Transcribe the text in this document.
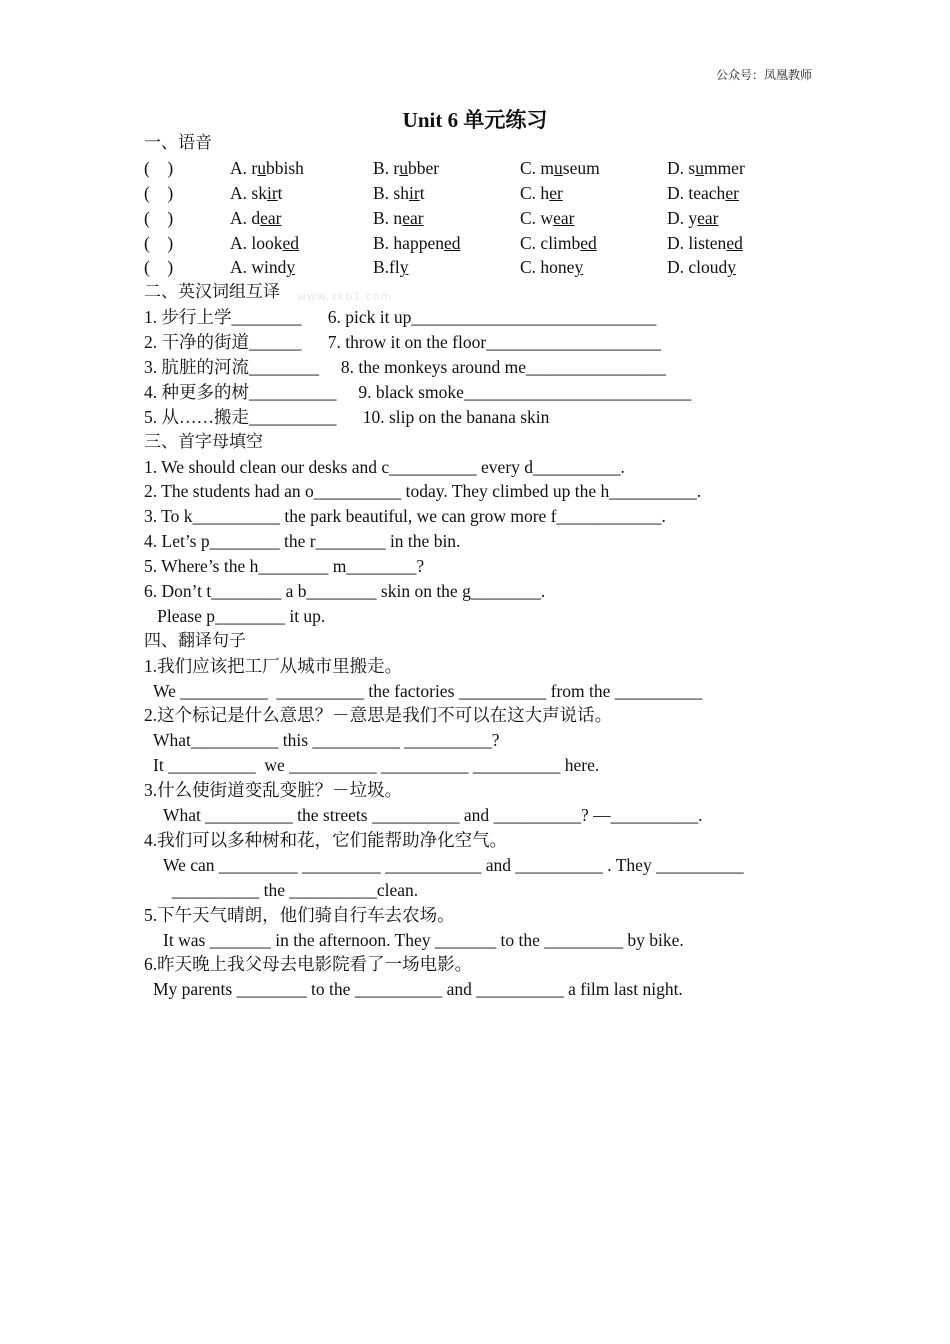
公众号：凤凰教师
Unit 6 单元练习
www.xkb1.com
一、语音
(    )	A. rubbish	B. rubber	C. museum	D. summer
(    )	A. skirt	B. shirt	C. her	D. teacher
(    )	A. dear	B. near	C. wear	D. year
(    )	A. looked	B. happened	C. climbed	D. listened
(    )	A. windy	B.fly	C. honey	D. cloudy
二、英汉词组互译
1. 步行上学________      6. pick it up____________________________
2. 干净的街道______      7. throw it on the floor____________________
3. 肮脏的河流________     8. the monkeys around me________________
4. 种更多的树__________     9. black smoke__________________________
5. 从……搬走__________      10. slip on the banana skin
三、首字母填空
1. We should clean our desks and c__________ every d__________.
2. The students had an o__________ today. They climbed up the h__________.
3. To k__________ the park beautiful, we can grow more f____________.
4. Let’s p________ the r________ in the bin.
5. Where’s the h________ m________?
6. Don’t t________ a b________ skin on the g________.
Please p________ it up.
四、翻译句子
1.我们应该把工厂从城市里搬走。
We __________  __________ the factories __________ from the __________
2.这个标记是什么意思？－意思是我们不可以在这大声说话。
What__________ this __________ __________?
It __________  we __________ __________ __________ here.
3.什么使街道变乱变脏？－垃圾。
What __________ the streets __________ and __________? —__________.
4.我们可以多种树和花，它们能帮助净化空气。
We can _________ _________ ___________ and __________ . They __________
__________ the __________clean.
5.下午天气晴朗，他们骑自行车去农场。
It was _______ in the afternoon. They _______ to the _________ by bike.
6.昨天晚上我父母去电影院看了一场电影。
My parents ________ to the __________ and __________ a film last night.
